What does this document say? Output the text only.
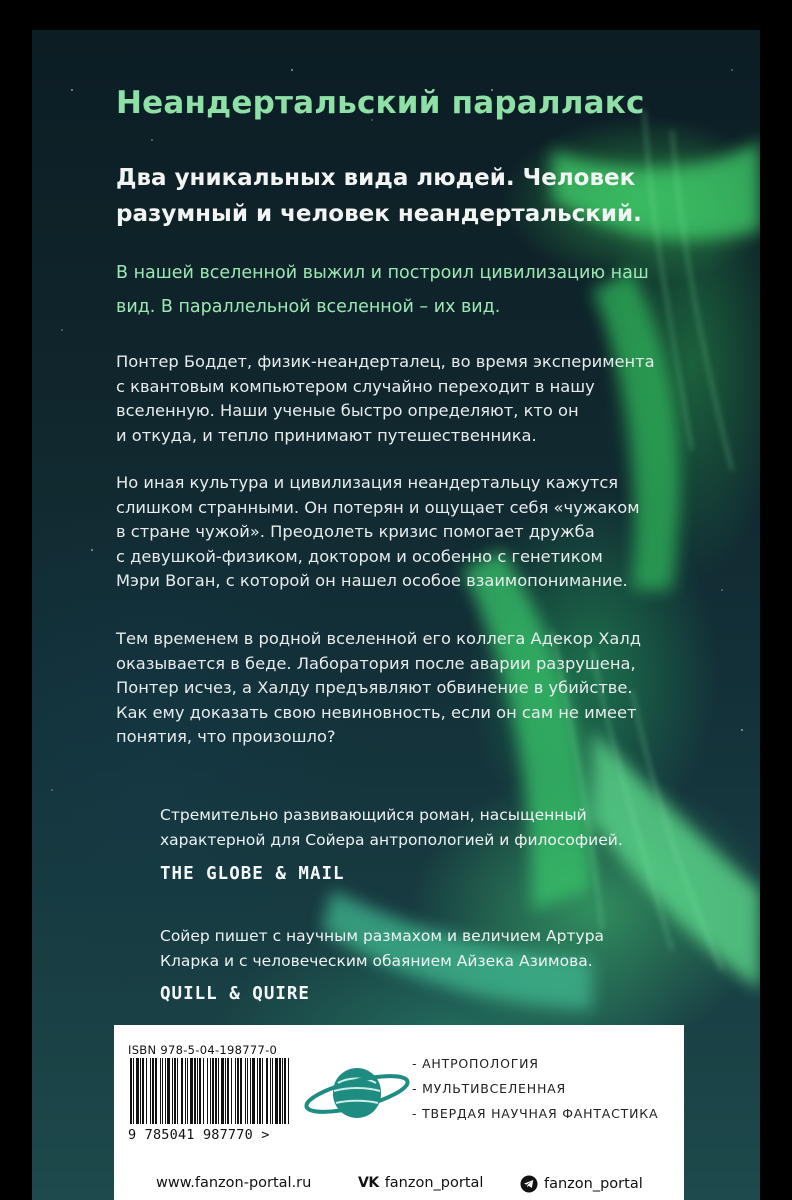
Неандертальский параллакс

Два уникальных вида людей. Человек разумный и человек неандертальский.

В нашей вселенной выжил и построил цивилизацию наш вид. В параллельной вселенной – их вид.

Понтер Боддет, физик-неандерталец, во время эксперимента
с квантовым компьютером случайно переходит в нашу
вселенную. Наши ученые быстро определяют, кто он
и откуда, и тепло принимают путешественника.

Но иная культура и цивилизация неандертальцу кажутся
слишком странными. Он потерян и ощущает себя «чужаком
в стране чужой». Преодолеть кризис помогает дружба
с девушкой-физиком, доктором и особенно с генетиком
Мэри Воган, с которой он нашел особое взаимопонимание.

Тем временем в родной вселенной его коллега Адекор Халд
оказывается в беде. Лаборатория после аварии разрушена,
Понтер исчез, а Халду предъявляют обвинение в убийстве.
Как ему доказать свою невиновность, если он сам не имеет
понятия, что произошло?

Стремительно развивающийся роман, насыщенный
характерной для Сойера антропологией и философией.

THE GLOBE & MAIL

Сойер пишет с научным размахом и величием Артура
Кларка и с человеческим обаянием Айзека Азимова.

QUILL & QUIRE

ISBN 978-5-04-198777-0

9 785041 987770 >

- АНТРОПОЛОГИЯ
- МУЛЬТИВСЕЛЕННАЯ
- ТВЕРДАЯ НАУЧНАЯ ФАНТАСТИКА
www.fanzon-portal.ru	VK fanzon_portal	fanzon_portal
